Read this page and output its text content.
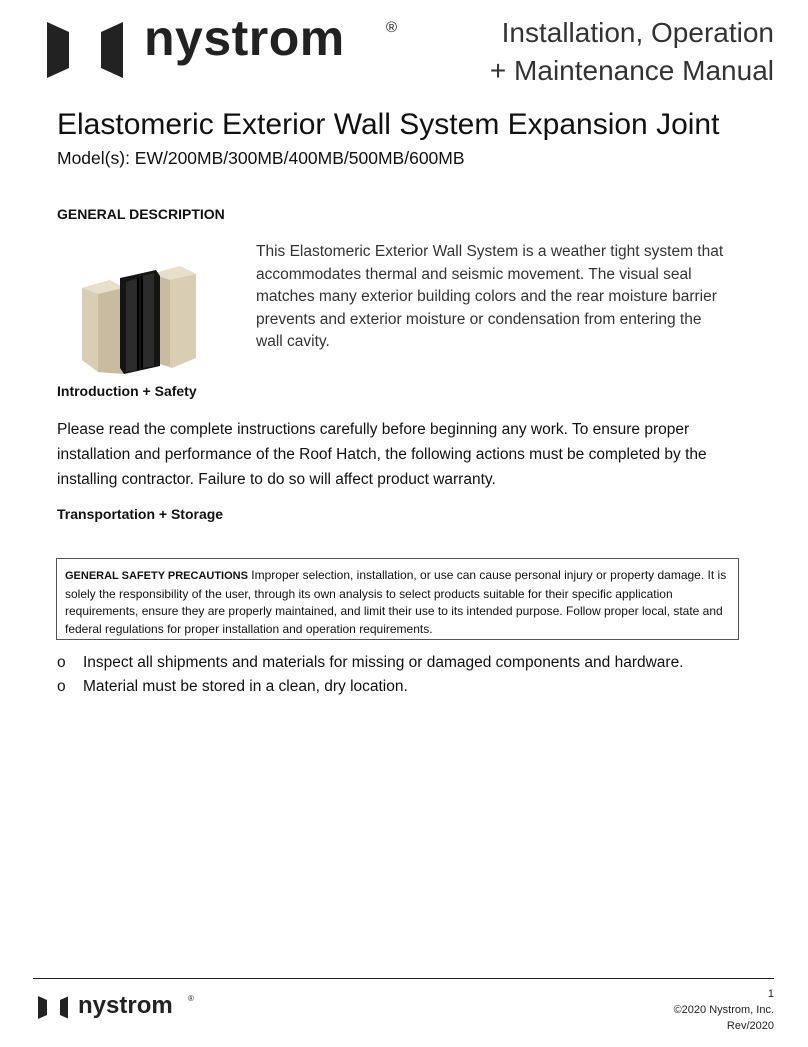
nystrom	®	Installation, Operation
+ Maintenance Manual
Elastomeric Exterior Wall System Expansion Joint
Model(s): EW/200MB/300MB/400MB/500MB/600MB
GENERAL DESCRIPTION
This Elastomeric Exterior Wall System is a weather tight system that accommodates thermal and seismic movement. The visual seal matches many exterior building colors and the rear moisture barrier prevents and exterior moisture or condensation from entering the wall cavity.
Introduction + Safety
Please read the complete instructions carefully before beginning any work. To ensure proper installation and performance of the Roof Hatch, the following actions must be completed by the installing contractor. Failure to do so will affect product warranty.
Transportation + Storage
GENERAL SAFETY PRECAUTIONS Improper selection, installation, or use can cause personal injury or property damage. It is solely the responsibility of the user, through its own analysis to select products suitable for their specific application requirements, ensure they are properly maintained, and limit their use to its intended purpose. Follow proper local, state and federal regulations for proper installation and operation requirements.
o Inspect all shipments and materials for missing or damaged components and hardware.
o Material must be stored in a clean, dry location.
nystrom ®	1
©2020 Nystrom, Inc.
Rev/2020
